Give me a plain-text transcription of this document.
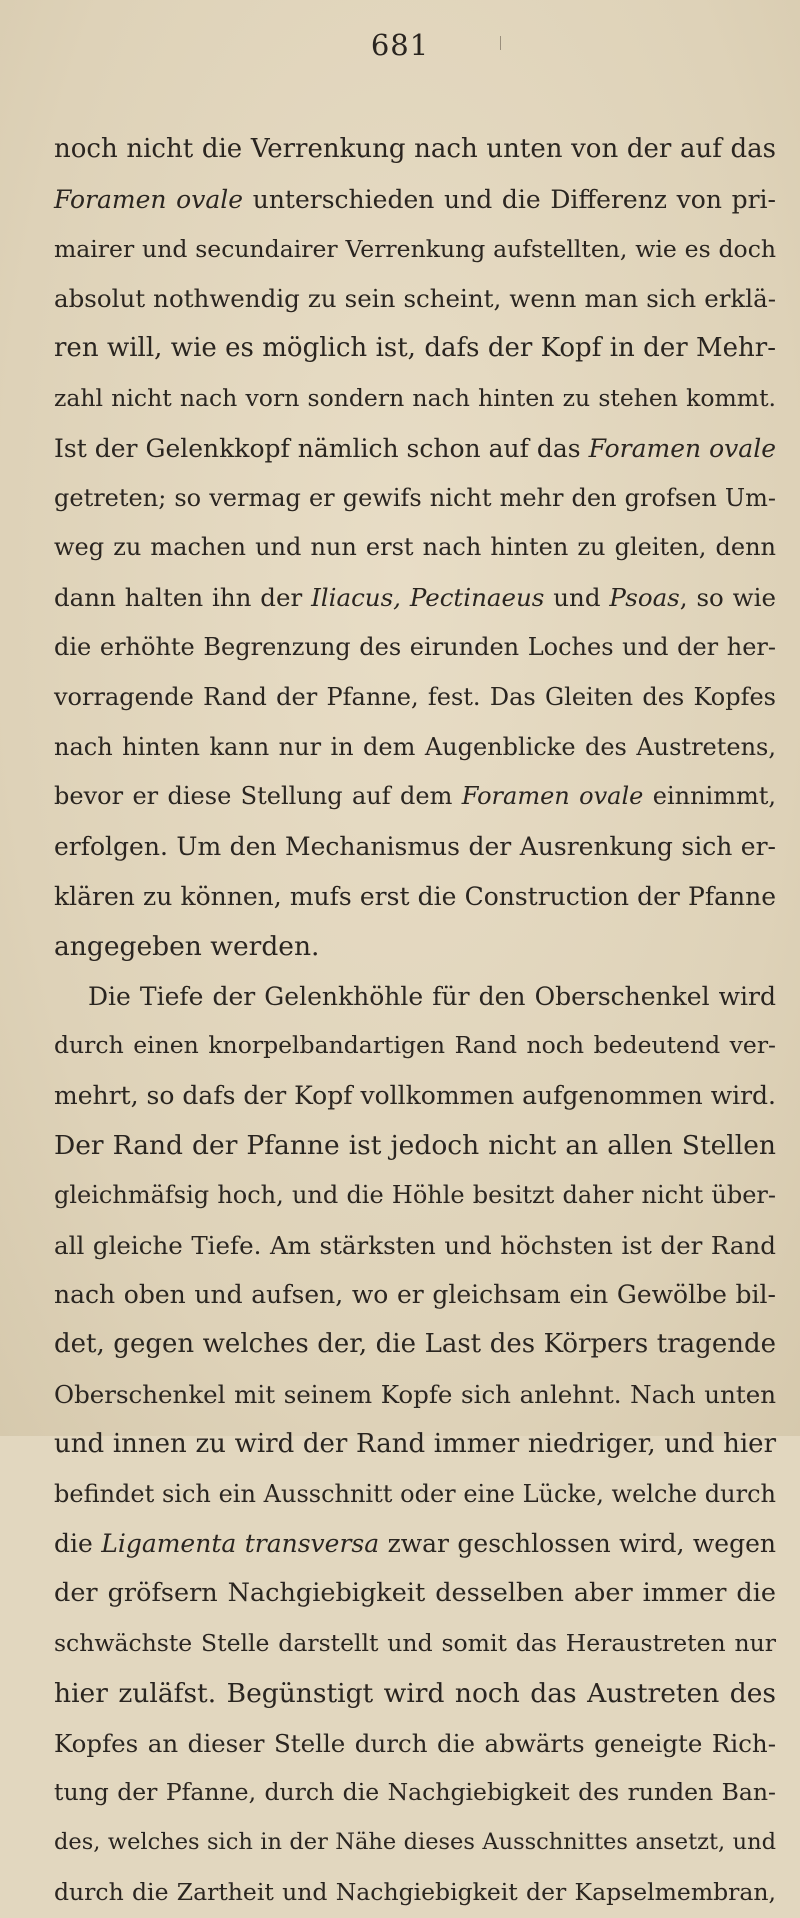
681
noch nicht die Verrenkung nach unten von der auf das
Foramen ovale unterschieden und die Differenz von pri-
mairer und secundairer Verrenkung aufstellten, wie es doch
absolut nothwendig zu sein scheint, wenn man sich erklä-
ren will, wie es möglich ist, dafs der Kopf in der Mehr-
zahl nicht nach vorn sondern nach hinten zu stehen kommt.
Ist der Gelenkkopf nämlich schon auf das Foramen ovale
getreten; so vermag er gewifs nicht mehr den grofsen Um-
weg zu machen und nun erst nach hinten zu gleiten, denn
dann halten ihn der Iliacus, Pectinaeus und Psoas, so wie
die erhöhte Begrenzung des eirunden Loches und der her-
vorragende Rand der Pfanne, fest. Das Gleiten des Kopfes
nach hinten kann nur in dem Augenblicke des Austretens,
bevor er diese Stellung auf dem Foramen ovale einnimmt,
erfolgen. Um den Mechanismus der Ausrenkung sich er-
klären zu können, mufs erst die Construction der Pfanne
angegeben werden.
Die Tiefe der Gelenkhöhle für den Oberschenkel wird
durch einen knorpelbandartigen Rand noch bedeutend ver-
mehrt, so dafs der Kopf vollkommen aufgenommen wird.
Der Rand der Pfanne ist jedoch nicht an allen Stellen
gleichmäfsig hoch, und die Höhle besitzt daher nicht über-
all gleiche Tiefe. Am stärksten und höchsten ist der Rand
nach oben und aufsen, wo er gleichsam ein Gewölbe bil-
det, gegen welches der, die Last des Körpers tragende
Oberschenkel mit seinem Kopfe sich anlehnt. Nach unten
und innen zu wird der Rand immer niedriger, und hier
befindet sich ein Ausschnitt oder eine Lücke, welche durch
die Ligamenta transversa zwar geschlossen wird, wegen
der gröfsern Nachgiebigkeit desselben aber immer die
schwächste Stelle darstellt und somit das Heraustreten nur
hier zuläfst. Begünstigt wird noch das Austreten des
Kopfes an dieser Stelle durch die abwärts geneigte Rich-
tung der Pfanne, durch die Nachgiebigkeit des runden Ban-
des, welches sich in der Nähe dieses Ausschnittes ansetzt, und
durch die Zartheit und Nachgiebigkeit der Kapselmembran,
